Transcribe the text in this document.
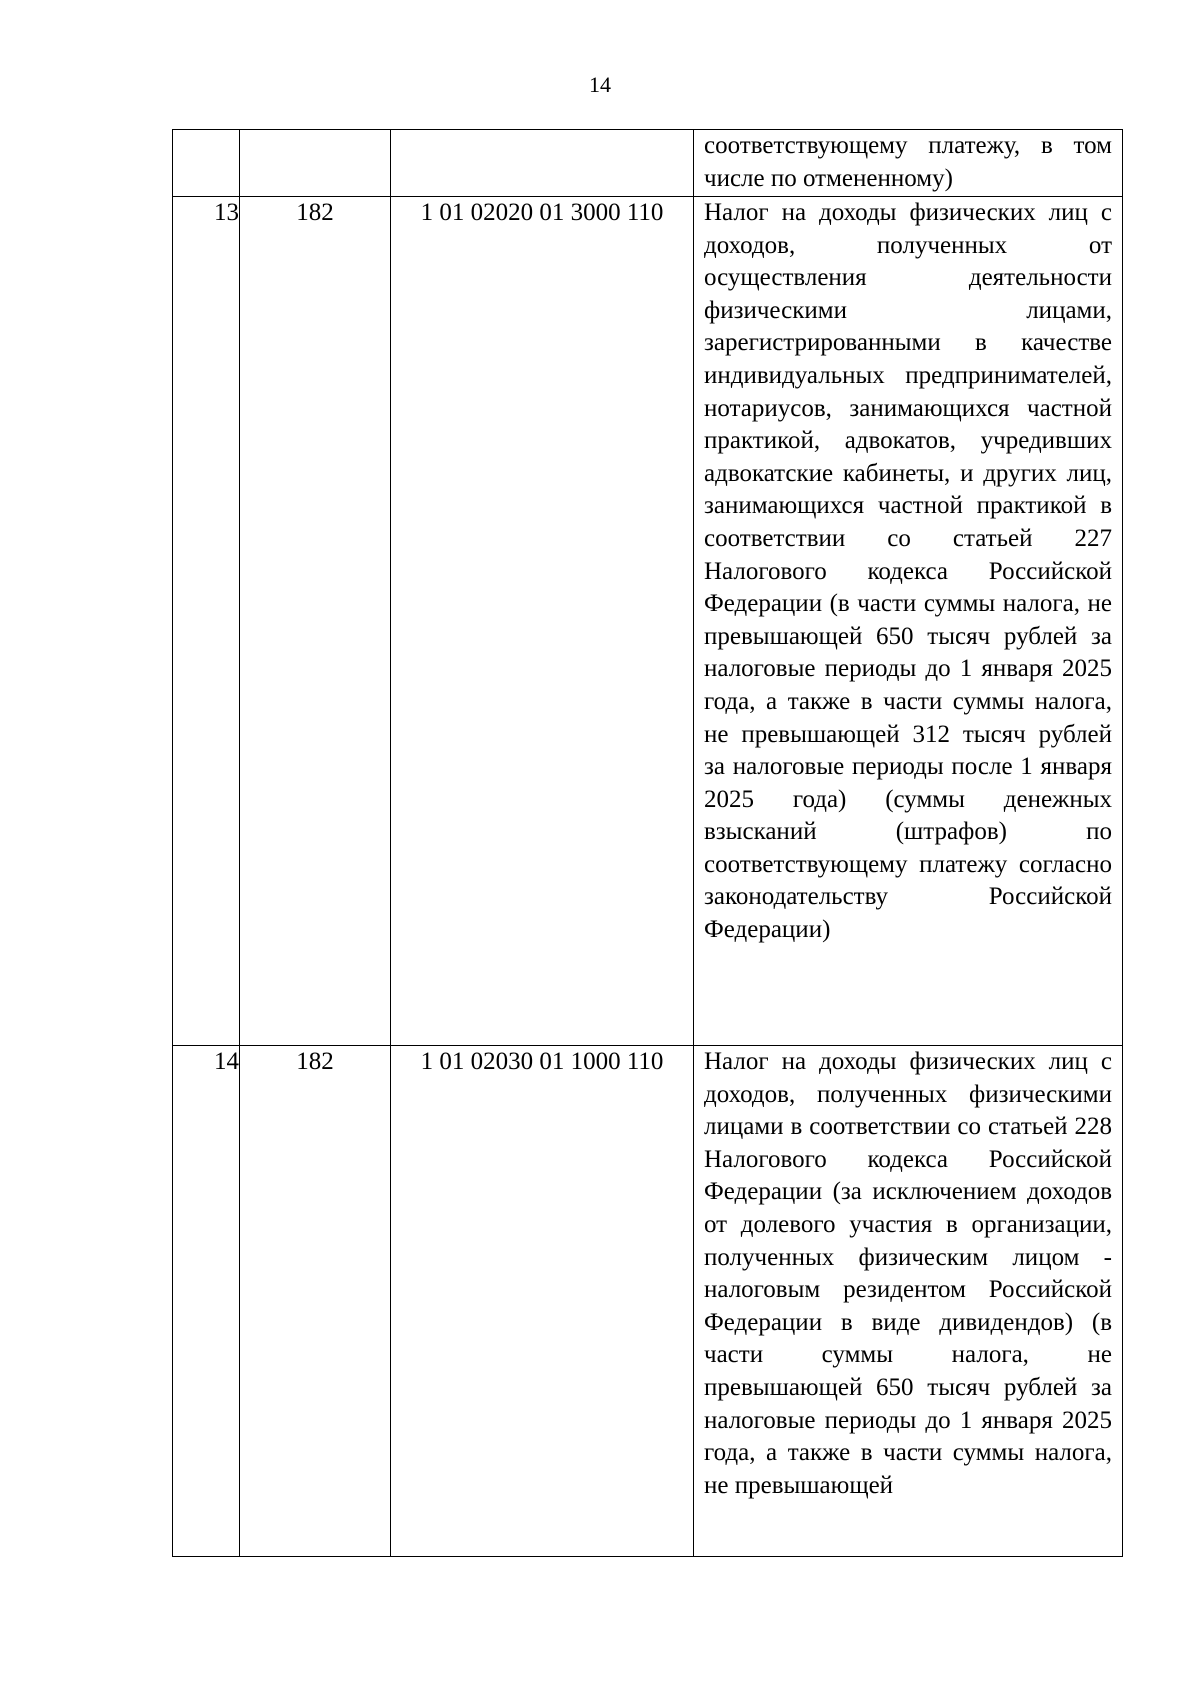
14

			соответствующему платежу, в том числе по отмененному)

13	182	1 01 02020 01 3000 110	Налог на доходы физических лиц с доходов, полученных от осуществления деятельности физическими лицами, зарегистрированными в качестве индивидуальных предпринимателей, нотариусов, занимающихся частной практикой, адвокатов, учредивших адвокатские кабинеты, и других лиц, занимающихся частной практикой в соответствии со статьей 227 Налогового кодекса Российской Федерации (в части суммы налога, не превышающей 650 тысяч рублей за налоговые периоды до 1 января 2025 года, а также в части суммы налога, не превышающей 312 тысяч рублей за налоговые периоды после 1 января 2025 года) (суммы денежных взысканий (штрафов) по соответствующему платежу согласно законодательству Российской Федерации)

14	182	1 01 02030 01 1000 110	Налог на доходы физических лиц с доходов, полученных физическими лицами в соответствии со статьей 228 Налогового кодекса Российской Федерации (за исключением доходов от долевого участия в организации, полученных физическим лицом - налоговым резидентом Российской Федерации в виде дивидендов) (в части суммы налога, не превышающей 650 тысяч рублей за налоговые периоды до 1 января 2025 года, а также в части суммы налога, не превышающей
